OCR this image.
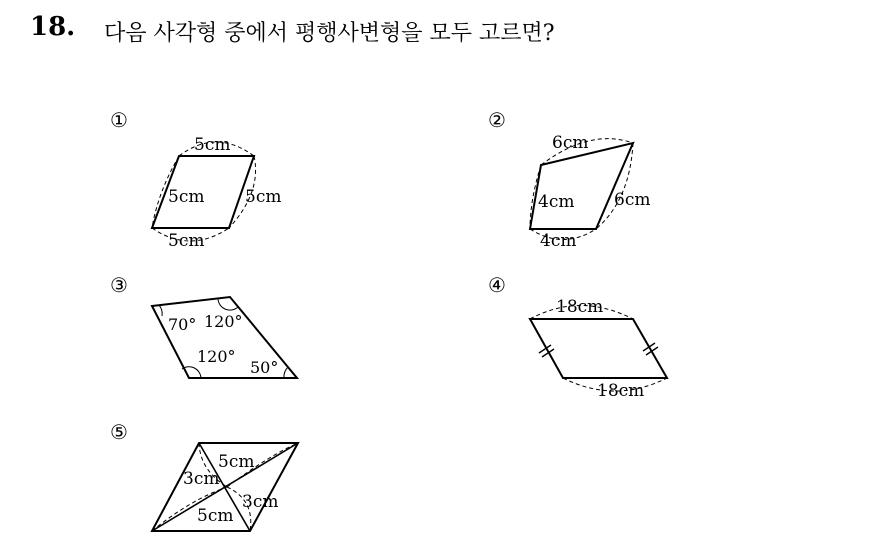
18. 다음 사각형 중에서 평행사변형을 모두 고르면?
①	②
③	④
⑤
5cm
5cm 5cm
5cm
6cm
4cm 6cm
4cm
70° 120°
120°
50°
18cm
18cm
5cm
3cm
3cm
5cm
